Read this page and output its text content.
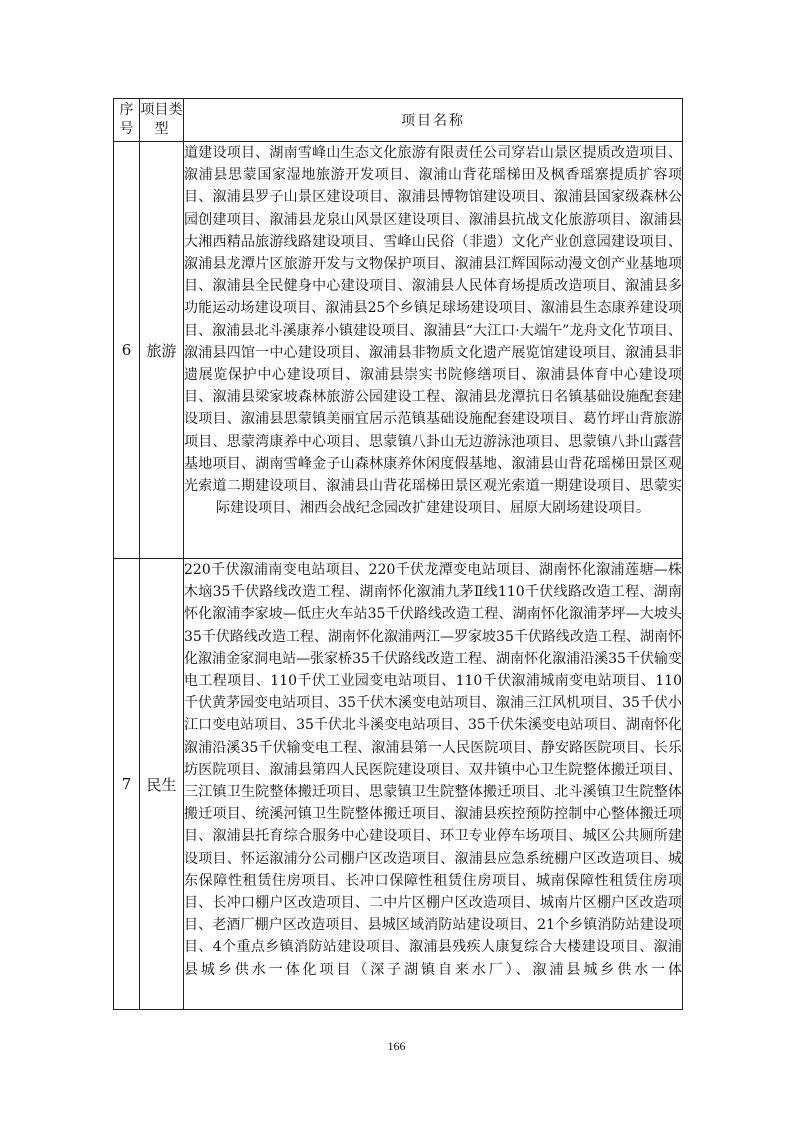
序号	项目类型	项目名称
6	旅游	道建设项目、湖南雪峰山生态文化旅游有限责任公司穿岩山景区提质改造项目、溆浦县思蒙国家湿地旅游开发项目、溆浦山背花瑶梯田及枫香瑶寨提质扩容项目、溆浦县罗子山景区建设项目、溆浦县博物馆建设项目、溆浦县国家级森林公园创建项目、溆浦县龙泉山风景区建设项目、溆浦县抗战文化旅游项目、溆浦县大湘西精品旅游线路建设项目、雪峰山民俗（非遗）文化产业创意园建设项目、溆浦县龙潭片区旅游开发与文物保护项目、溆浦县江辉国际动漫文创产业基地项目、溆浦县全民健身中心建设项目、溆浦县人民体育场提质改造项目、溆浦县多功能运动场建设项目、溆浦县25个乡镇足球场建设项目、溆浦县生态康养建设项目、溆浦县北斗溪康养小镇建设项目、溆浦县“大江口·大端午”龙舟文化节项目、溆浦县四馆一中心建设项目、溆浦县非物质文化遗产展览馆建设项目、溆浦县非遗展览保护中心建设项目、溆浦县崇实书院修缮项目、溆浦县体育中心建设项目、溆浦县梁家坡森林旅游公园建设工程、溆浦县龙潭抗日名镇基础设施配套建设项目、溆浦县思蒙镇美丽宜居示范镇基础设施配套建设项目、葛竹坪山背旅游项目、思蒙湾康养中心项目、思蒙镇八卦山无边游泳池项目、思蒙镇八卦山露营基地项目、湖南雪峰金子山森林康养休闲度假基地、溆浦县山背花瑶梯田景区观光索道二期建设项目、溆浦县山背花瑶梯田景区观光索道一期建设项目、思蒙实际建设项目、湘西会战纪念园改扩建建设项目、屈原大剧场建设项目。
7	民生	220千伏溆浦南变电站项目、220千伏龙潭变电站项目、湖南怀化溆浦莲塘—株木垴35千伏路线改造工程、湖南怀化溆浦九茅Ⅱ线110千伏线路改造工程、湖南怀化溆浦李家坡—低庄火车站35千伏路线改造工程、湖南怀化溆浦茅坪—大坡头35千伏路线改造工程、湖南怀化溆浦两江—罗家坡35千伏路线改造工程、湖南怀化溆浦金家洞电站—张家桥35千伏路线改造工程、湖南怀化溆浦沿溪35千伏输变电工程项目、110千伏工业园变电站项目、110千伏溆浦城南变电站项目、110千伏黄茅园变电站项目、35千伏木溪变电站项目、溆浦三江风机项目、35千伏小江口变电站项目、35千伏北斗溪变电站项目、35千伏朱溪变电站项目、湖南怀化溆浦沿溪35千伏输变电工程、溆浦县第一人民医院项目、静安路医院项目、长乐坊医院项目、溆浦县第四人民医院建设项目、双井镇中心卫生院整体搬迁项目、三江镇卫生院整体搬迁项目、思蒙镇卫生院整体搬迁项目、北斗溪镇卫生院整体搬迁项目、统溪河镇卫生院整体搬迁项目、溆浦县疾控预防控制中心整体搬迁项目、溆浦县托育综合服务中心建设项目、环卫专业停车场项目、城区公共厕所建设项目、怀运溆浦分公司棚户区改造项目、溆浦县应急系统棚户区改造项目、城东保障性租赁住房项目、长冲口保障性租赁住房项目、城南保障性租赁住房项目、长冲口棚户区改造项目、二中片区棚户区改造项目、城南片区棚户区改造项目、老酒厂棚户区改造项目、县城区域消防站建设项目、21个乡镇消防站建设项目、4个重点乡镇消防站建设项目、溆浦县残疾人康复综合大楼建设项目、溆浦县城乡供水一体化项目（深子湖镇自来水厂）、溆浦县城乡供水一体
166
